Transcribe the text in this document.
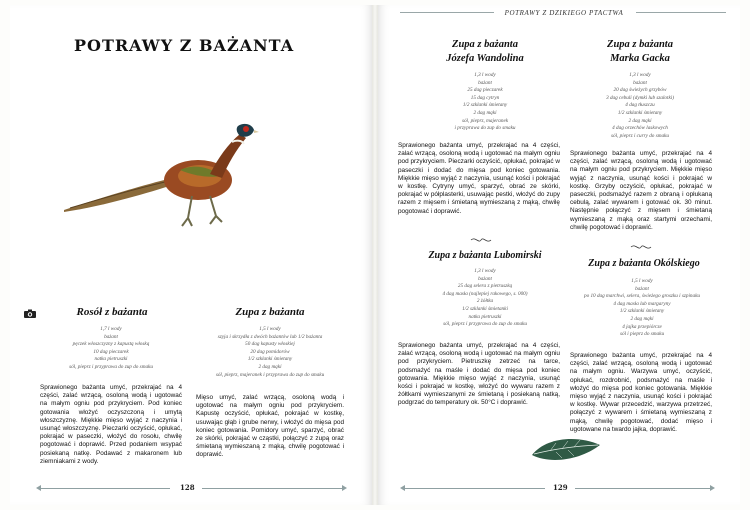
POTRAWY Z BAŻANTA
Rosół z bażanta
1,7 l wody
bażant
pęczek włoszczyzny z kapustą włoską
10 dag pieczarek
natka pietruszki
sól, pieprz i przyprawa do zup do smaku

Sprawionego bażanta umyć, przekrajać na 4 części, zalać wrzącą, osoloną wodą i ugotować na małym ogniu pod przykryciem. Pod koniec gotowania włożyć oczyszczoną i umytą włoszczyznę. Miękkie mięso wyjąć z naczynia i usunąć włoszczyznę. Pieczarki oczyścić, opłukać, pokrajać w paseczki, włożyć do rosołu, chwilę pogotować i doprawić. Przed podaniem wsypać posiekaną natkę. Podawać z makaronem lub ziemniakami z wody.

Zupa z bażanta
1,5 l wody
szyja i skrzydła z dwóch bażantów lub 1/2 bażanta
50 dag kapusty włoskiej
20 dag pomidorów
1/2 szklanki śmietany
2 dag mąki
sól, pieprz, majeranek i przyprawa do zup do smaku

Mięso umyć, zalać wrzącą, osoloną wodą i ugotować na małym ogniu pod przykryciem. Kapustę oczyścić, opłukać, pokrajać w kostkę, usuwając głąb i grube nerwy, i włożyć do mięsa pod koniec gotowania. Pomidory umyć, sparzyć, obrać ze skórki, pokrajać w cząstki, połączyć z zupą oraz śmietaną wymieszaną z mąką, chwilę pogotować i doprawić.

128
POTRAWY Z DZIKIEGO PTACTWA
Zupa z bażanta
Józefa Wandolina
1,3 l wody
bażant
25 dag pieczarek
15 dag cytryn
1/2 szklanki śmietany
2 dag mąki
sól, pieprz, majeranek
i przyprawa do zup do smaku

Sprawionego bażanta umyć, przekrajać na 4 części, zalać wrzącą, osoloną wodą i ugotować na małym ogniu pod przykryciem. Pieczarki oczyścić, opłukać, pokrajać w paseczki i dodać do mięsa pod koniec gotowania. Miękkie mięso wyjąć z naczynia, usunąć kości i pokrajać w kostkę. Cytryny umyć, sparzyć, obrać ze skórki, pokrajać w półplasterki, usuwając pestki, włożyć do zupy razem z mięsem i śmietaną wymieszaną z mąką, chwilę pogotować i doprawić.

Zupa z bażanta
Marka Gacka
1,3 l wody
bażant
20 dag świeżych grzybów
3 dag cebuli (dymki lub szalotki)
4 dag tłuszczu
1/2 szklanki śmietany
2 dag mąki
4 dag orzechów laskowych
sól, pieprz i curry do smaku

Sprawionego bażanta umyć, przekrajać na 4 części, zalać wrzącą, osoloną wodą i ugotować na małym ogniu pod przykryciem. Miękkie mięso wyjąć z naczynia, usunąć kości i pokrajać w kostkę. Grzyby oczyścić, opłukać, pokrajać w paseczki, podsmażyć razem z obraną i opłukaną cebulą, zalać wywarem i gotować ok. 30 minut. Następnie połączyć z mięsem i śmietaną wymieszaną z mąką oraz startymi orzechami, chwilę pogotować i doprawić.

Zupa z bażanta Lubomirski
1,3 l wody
bażant
25 dag selera z pietruszką
4 dag masła (najlepiej rakowego, s. 000)
2 żółtka
1/2 szklanki śmietanki
natka pietruszki
sól, pieprz i przyprawa do zup do smaku

Sprawionego bażanta umyć, przekrajać na 4 części, zalać wrzącą, osoloną wodą i ugotować na małym ogniu pod przykryciem. Pietruszkę zetrzeć na tarce, podsmażyć na maśle i dodać do mięsa pod koniec gotowania. Miękkie mięso wyjąć z naczynia, usunąć kości i pokrajać w kostkę, włożyć do wywaru razem z żółtkami wymieszanymi ze śmietaną i posiekaną natką, podgrzać do temperatury ok. 50°C i doprawić.

Zupa z bażanta Okólskiego
1,5 l wody
bażant
po 10 dag marchwi, selera, świeżego groszku i szpinaku
4 dag masła lub margaryny
1/2 szklanki śmietany
2 dag mąki
4 jajka przepiórcze
sól i pieprz do smaku

Sprawionego bażanta umyć, przekrajać na 4 części, zalać wrzącą, osoloną wodą i ugotować na małym ogniu. Warzywa umyć, oczyścić, opłukać, rozdrobnić, podsmażyć na maśle i włożyć do mięsa pod koniec gotowania. Miękkie mięso wyjąć z naczynia, usunąć kości i pokrajać w kostkę. Wywar przecedzić, warzywa przetrzeć, połączyć z wywarem i śmietaną wymieszaną z mąką, chwilę pogotować, dodać mięso i ugotowane na twardo jajka, doprawić.

129
